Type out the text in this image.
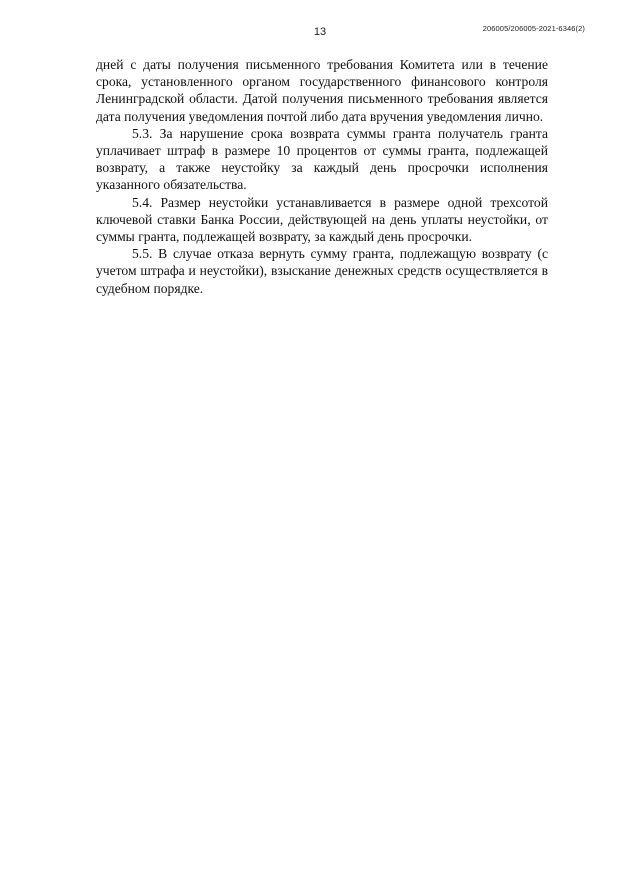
13	206005/206005-2021-6346(2)

дней с даты получения письменного требования Комитета или в течение срока, установленного органом государственного финансового контроля Ленинградской области. Датой получения письменного требования является дата получения уведомления почтой либо дата вручения уведомления лично.

5.3. За нарушение срока возврата суммы гранта получатель гранта уплачивает штраф в размере 10 процентов от суммы гранта, подлежащей возврату, а также неустойку за каждый день просрочки исполнения указанного обязательства.

5.4. Размер неустойки устанавливается в размере одной трехсотой ключевой ставки Банка России, действующей на день уплаты неустойки, от суммы гранта, подлежащей возврату, за каждый день просрочки.

5.5. В случае отказа вернуть сумму гранта, подлежащую возврату (с учетом штрафа и неустойки), взыскание денежных средств осуществляется в судебном порядке.
